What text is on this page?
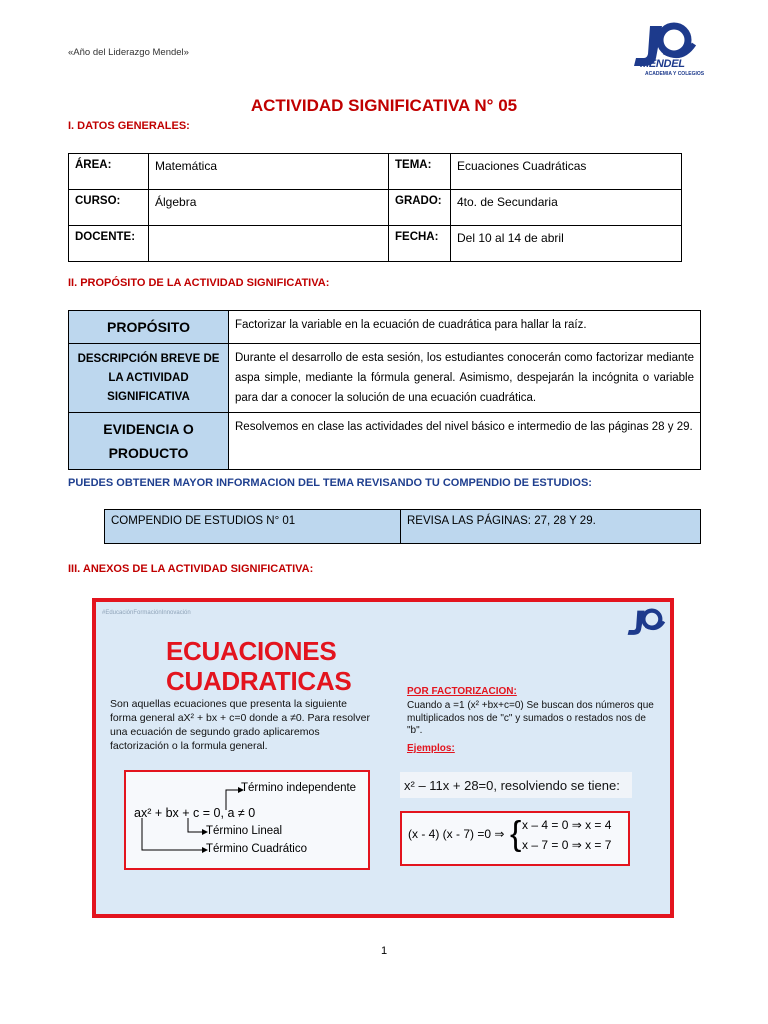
«Año del Liderazgo Mendel»
MENDEL
ACADEMIA Y COLEGIOS
ACTIVIDAD SIGNIFICATIVA N° 05
I. DATOS GENERALES:
ÁREA:	Matemática	TEMA:	Ecuaciones Cuadráticas
CURSO:	Álgebra	GRADO:	4to. de Secundaria
DOCENTE:		FECHA:	Del 10 al 14 de abril
II. PROPÓSITO DE LA ACTIVIDAD SIGNIFICATIVA:
PROPÓSITO	Factorizar la variable en la ecuación de cuadrática para hallar la raíz.
DESCRIPCIÓN BREVE DE LA ACTIVIDAD SIGNIFICATIVA	Durante el desarrollo de esta sesión, los estudiantes conocerán como factorizar mediante aspa simple, mediante la fórmula general. Asimismo, despejarán la incógnita o variable para dar a conocer la solución de una ecuación cuadrática.
EVIDENCIA O PRODUCTO	Resolvemos en clase las actividades del nivel básico e intermedio de las páginas 28 y 29.
PUEDES OBTENER MAYOR INFORMACION DEL TEMA REVISANDO TU COMPENDIO DE ESTUDIOS:
COMPENDIO DE ESTUDIOS N° 01	REVISA LAS PÁGINAS: 27, 28 Y 29.
III. ANEXOS DE LA ACTIVIDAD SIGNIFICATIVA:
#EducaciónFormaciónInnovación
ECUACIONES
CUADRATICAS
Son aquellas ecuaciones que presenta la siguiente forma general aX² + bx + c=0 donde a ≠0. Para resolver una ecuación de segundo grado aplicaremos factorización o la formula general.
Término independente
ax² + bx + c = 0, a ≠ 0
Término Lineal
Término Cuadrático
POR FACTORIZACION:
Cuando a =1 (x² +bx+c=0) Se buscan dos números que multiplicados nos de "c" y sumados o restados nos de "b".
Ejemplos:
x² – 11x + 28=0, resolviendo se tiene:
(x - 4) (x - 7) =0 ⇒ { x – 4 = 0 ⇒ x = 4
x – 7 = 0 ⇒ x = 7
1
